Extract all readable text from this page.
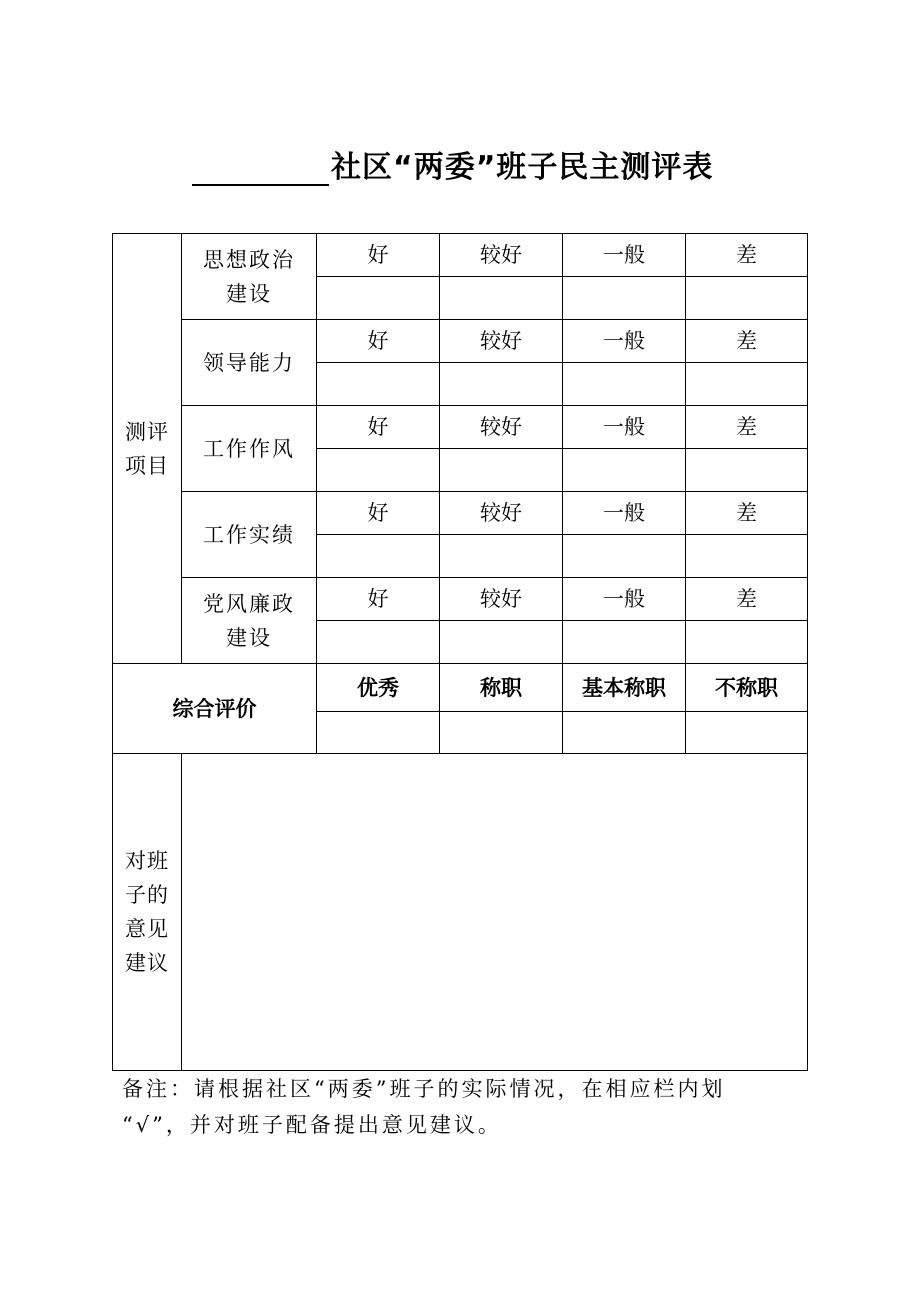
社区“两委”班子民主测评表
测评项目	思想政治建设	好	较好	一般	差

	领导能力	好	较好	一般	差

	工作作风	好	较好	一般	差

	工作实绩	好	较好	一般	差

	党风廉政建设	好	较好	一般	差

综合评价		优秀	称职	基本称职	不称职

对班子的意见建议					
备注：请根据社区“两委”班子的实际情况，在相应栏内划
“√”，并对班子配备提出意见建议。
